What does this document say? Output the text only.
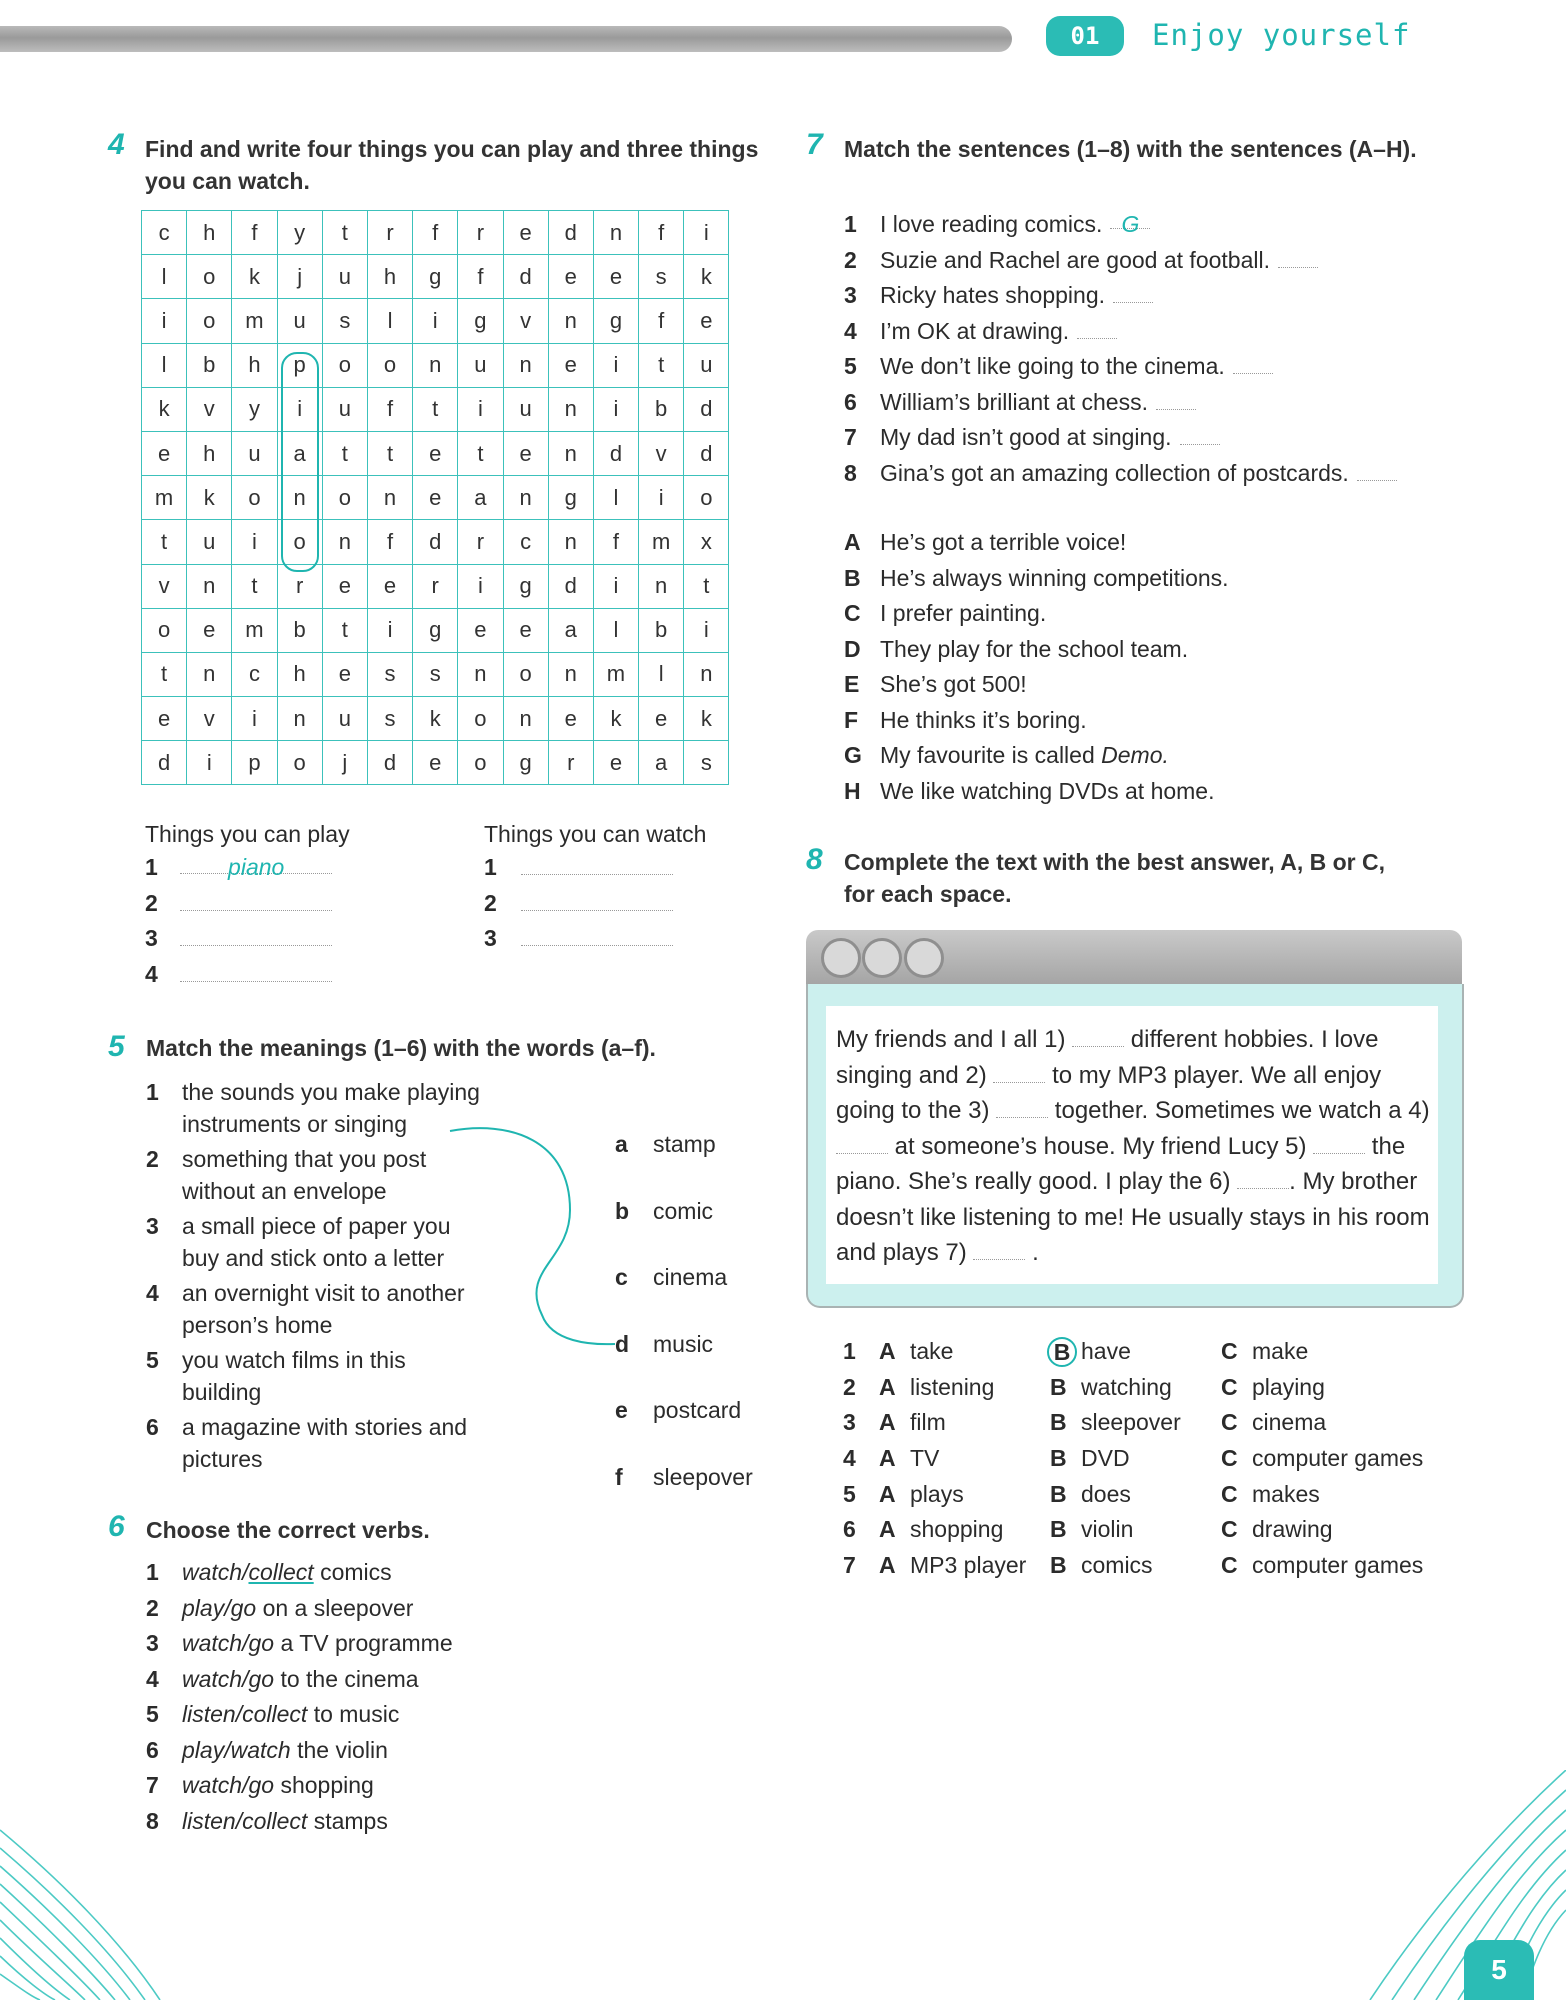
01	Enjoy yourself
4 Find and write four things you can play and three things you can watch.
c	h	f	y	t	r	f	r	e	d	n	f	i
l	o	k	j	u	h	g	f	d	e	e	s	k
i	o	m	u	s	l	i	g	v	n	g	f	e
l	b	h	p	o	o	n	u	n	e	i	t	u
k	v	y	i	u	f	t	i	u	n	i	b	d
e	h	u	a	t	t	e	t	e	n	d	v	d
m	k	o	n	o	n	e	a	n	g	l	i	o
t	u	i	o	n	f	d	r	c	n	f	m	x
v	n	t	r	e	e	r	i	g	d	i	n	t
o	e	m	b	t	i	g	e	e	a	l	b	i
t	n	c	h	e	s	s	n	o	n	m	l	n
e	v	i	n	u	s	k	o	n	e	k	e	k
d	i	p	o	j	d	e	o	g	r	e	a	s
Things you can play	Things you can watch
1	piano
2
3
4
1
2
3
5 Match the meanings (1–6) with the words (a–f).
1 the sounds you make playing
instruments or singing
2 something that you post
without an envelope
3 a small piece of paper you
buy and stick onto a letter
4 an overnight visit to another
person’s home
5 you watch films in this
building
6 a magazine with stories and
pictures
a stamp
b comic
c cinema
d music
e postcard
f sleepover
6 Choose the correct verbs.
1 watch/collect comics
2 play/go on a sleepover
3 watch/go a TV programme
4 watch/go to the cinema
5 listen/collect to music
6 play/watch the violin
7 watch/go shopping
8 listen/collect stamps
7 Match the sentences (1–8) with the sentences (A–H).
1 I love reading comics. G
2 Suzie and Rachel are good at football.
3 Ricky hates shopping.
4 I’m OK at drawing.
5 We don’t like going to the cinema.
6 William’s brilliant at chess.
7 My dad isn’t good at singing.
8 Gina’s got an amazing collection of postcards.
A He’s got a terrible voice!
B He’s always winning competitions.
C I prefer painting.
D They play for the school team.
E She’s got 500!
F He thinks it’s boring.
G My favourite is called Demo.
H We like watching DVDs at home.
8 Complete the text with the best answer, A, B or C, for each space.
My friends and I all 1)	different hobbies. I love singing and 2)	to my MP3 player. We all enjoy going to the 3)	together. Sometimes we watch a 4)  at someone’s house. My friend Lucy 5)	the piano. She’s really good. I play the 6) . My brother doesn’t like listening to me! He usually stays in his room and plays 7)	.
1	A	take	B	have	C	make
2	A	listening	B	watching	C	playing
3	A	film	B	sleepover	C	cinema
4	A	TV	B	DVD	C	computer games
5	A	plays	B	does	C	makes
6	A	shopping	B	violin	C	drawing
7	A	MP3 player	B	comics	C	computer games
5
